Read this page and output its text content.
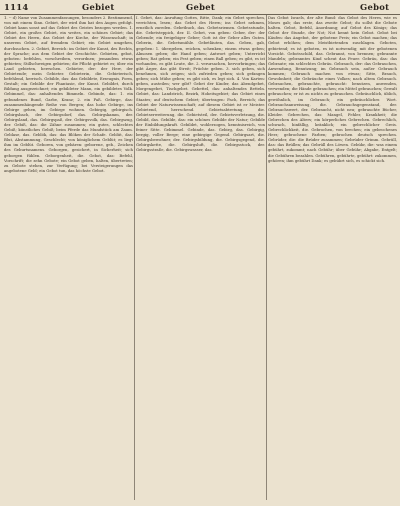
1114	Gebiet	Gebet	Gebot
1. -- d) Name von Zusammenfassungen, besonders 2. Bestimmend, von mit einem Sinn. Gebiet, der wird ihm hat den Augen gefolgt. Gebiet kann sonst auf das Gebiet des Geistes bezogen werden. 1. Gebiet, ein großes Gebiet, ein weites, ein schönes Gebiet; das Gebiet des Herrn, das Gebiet der Kirche, der Wissenschaft; in unserem Gebiet, auf fremdem Gebiet; ein Gebiet umgehen, durchsuchen. 2. Gebiet, Bereich: im Gebiet der Kunst, des Rechts, der Sprache; aus dem Gebiet der Geschichte. Gebieten, gebot, geboten: befehlen, vorschreiben, verordnen; jemandem etwas gebieten; Stillschweigen gebieten; die Pflicht gebietet es; über ein Land gebieten, herrschen. Gebieter, der: der Herr, der Gebietende; mein Gebieter. Gebieterin, die. Gebieterisch, befehlend, herrisch. Gebilde, das: das Gebildete, Erzeugnis, Form, Gestalt; ein Gebilde der Phantasie, der Kunst. Gebildet, durch Bildung ausgezeichnet; ein gebildeter Mann, ein gebildetes Volk. Gebimmel, das: anhaltendes Bimmeln. Gebinde, das: 1. ein gebundenes Bund, Garbe, Kranz; 2. ein Faß. Gebirge, das: zusammenhängende Reihe von Bergen; das hohe Gebirge, ins Gebirge gehen, im Gebirge wohnen. Gebirgig, gebirgisch. Gebirgsbach, der. Gebirgsdorf, das. Gebirgskamm, der. Gebirgsland, das. Gebirgspaß, der. Gebirgsvolk, das. Gebirgszug, der. Gebiß, das: die Zähne zusammen; ein gutes, schlechtes Gebiß; künstliches Gebiß; beim Pferde das Mundstück am Zaum. Geblase, das. Geblök, das: das Blöken der Schafe. Geblüt, das: Blut, Abstammung, Geschlecht; von königlichem Geblüt; es liegt ihm im Geblüt. Geboren, von gebären: geborene, geb., Zeichen des Geburtsnamens. Geborgen, gesichert, in Sicherheit; sich geborgen fühlen. Geborgenheit, die. Gebot, das: Befehl, Vorschrift; die zehn Gebote; ein Gebot geben, halten, übertreten; zu Gebote stehen, zur Verfügung; bei Versteigerungen das angebotene Geld; ein Gebot tun, das höchste Gebot.
I. Gebet, das: Anrufung Gottes, Bitte, Dank; ein Gebet sprechen, verrichten, lesen; das Gebet des Herrn; ins Gebet nehmen, ernstlich zureden. Gebetbuch, das. Gebetsriemen. Gebetsstunde, die. Gebetsteppich, der. II. Gebet, von geben: Geber, der: der Gebende; ein freigebiger Geber; Gott ist der Geber alles Guten. Geberin, die. Gebetsmühle. Gebetläuten, das. Geben, gab, gegeben: 1. übergeben, reichen, schenken; einem etwas geben; Almosen geben; die Hand geben; Antwort geben; Unterricht geben; Rat geben; ein Fest geben; einen Ball geben; es gibt, es ist vorhanden, es gibt Leute, die. 2. verursachen, hervorbringen; das gibt Ärger, das gibt Streit; Früchte geben. 3. sich geben, sich benehmen, sich zeigen; sich zufrieden geben; sich gefangen geben; sich Mühe geben; es gibt sich, es legt sich. 4. Von Karten: geben, austeilen; wer gibt? Gebet der Kinder, das Abendgebet, Morgengebet, Tischgebet. Gebettel, das: anhaltendes Betteln. Gebiet, das: Landstrich, Bezirk, Hoheitsgebiet; das Gebiet eines Staates; auf deutschem Gebiet; übertragen: Fach, Bereich; das Gebiet der Naturwissenschaft; auf diesem Gebiet ist er Meister. Gebietend, herrschend. Gebietsabtretung, die. Gebietserweiterung, die. Gebietsteil, der. Gebietsverletzung, die. Gebild, das. Gebilde, das: ein schönes Gebilde der Natur; Gebilde der Einbildungskraft. Gebildet, wohlerzogen, kenntnisreich, von feiner Sitte. Gebimmel. Gebinde, das. Gebirg, das. Gebirgig, bergig, voller Berge; eine gebirgige Gegend. Gebirgsart, die. Gebirgsbewohner, der. Gebirgsbildung, die. Gebirgsgegend, die. Gebirgskette, die. Gebirgsluft, die. Gebirgsstock, der. Gebirgsstraße, die. Gebirgswasser, das.
Das Gebot Israels, der alte Bund: das Gebot des Herrn, wie es Moses gab; das erste, das zweite Gebot; du sollst die Gebote halten. Gebot, Befehl, Anordnung; auf Gebot des Königs; das Gebot der Stunde, der Not; Not kennt kein Gebot. Gebot bei Käufen: das Angebot, der gebotene Preis; ein Gebot machen; das Gebot erhöhen; dem Meistbietenden zuschlagen. Geboten, gebietend; es ist geboten, es ist notwendig; mit der gebotenen Vorsicht. Gebotsschild, das. Gebrannt, von brennen; gebrannte Mandeln; gebranntes Kind scheut das Feuer. Gebräu, das: das Gebraute; ein schlechtes Gebräu. Gebrauch, der: das Gebrauchen, Anwendung, Benutzung; im Gebrauch sein, außer Gebrauch kommen; Gebrauch machen von etwas; Sitte, Brauch, Gewohnheit; die Gebräuche eines Volkes; nach altem Gebrauch. Gebrauchen, gebrauchte, gebraucht: benutzen, anwenden, verwenden; die Hände gebrauchen; ein Mittel gebrauchen; Gewalt gebrauchen; er ist zu nichts zu gebrauchen. Gebräuchlich, üblich, gewöhnlich, im Gebrauch; ein gebräuchliches Wort. Gebrauchsanweisung, die. Gebrauchsgegenstand, der. Gebrauchswert, der. Gebraucht, nicht neu; gebrauchte Bücher, Kleider. Gebrechen, das: Mangel, Fehler, Krankheit; die Gebrechen des Alters; ein körperliches Gebrechen. Gebrechlich, schwach, hinfällig, kränklich; ein gebrechlicher Greis. Gebrechlichkeit, die. Gebrochen, von brechen; ein gebrochenes Herz; gebrochene Farben; gebrochen deutsch sprechen. Gebrüder, die: die Brüder zusammen; Gebrüder Grimm. Gebrüll, das: das Brüllen; das Gebrüll des Löwen. Gebühr, die: was einem gebührt, zukommt; nach Gebühr; über Gebühr; Abgabe, Entgelt; die Gebühren bezahlen. Gebühren, gebührte, gebührt: zukommen, gehören; ihm gebührt Dank; es gebührt sich, es schickt sich.
